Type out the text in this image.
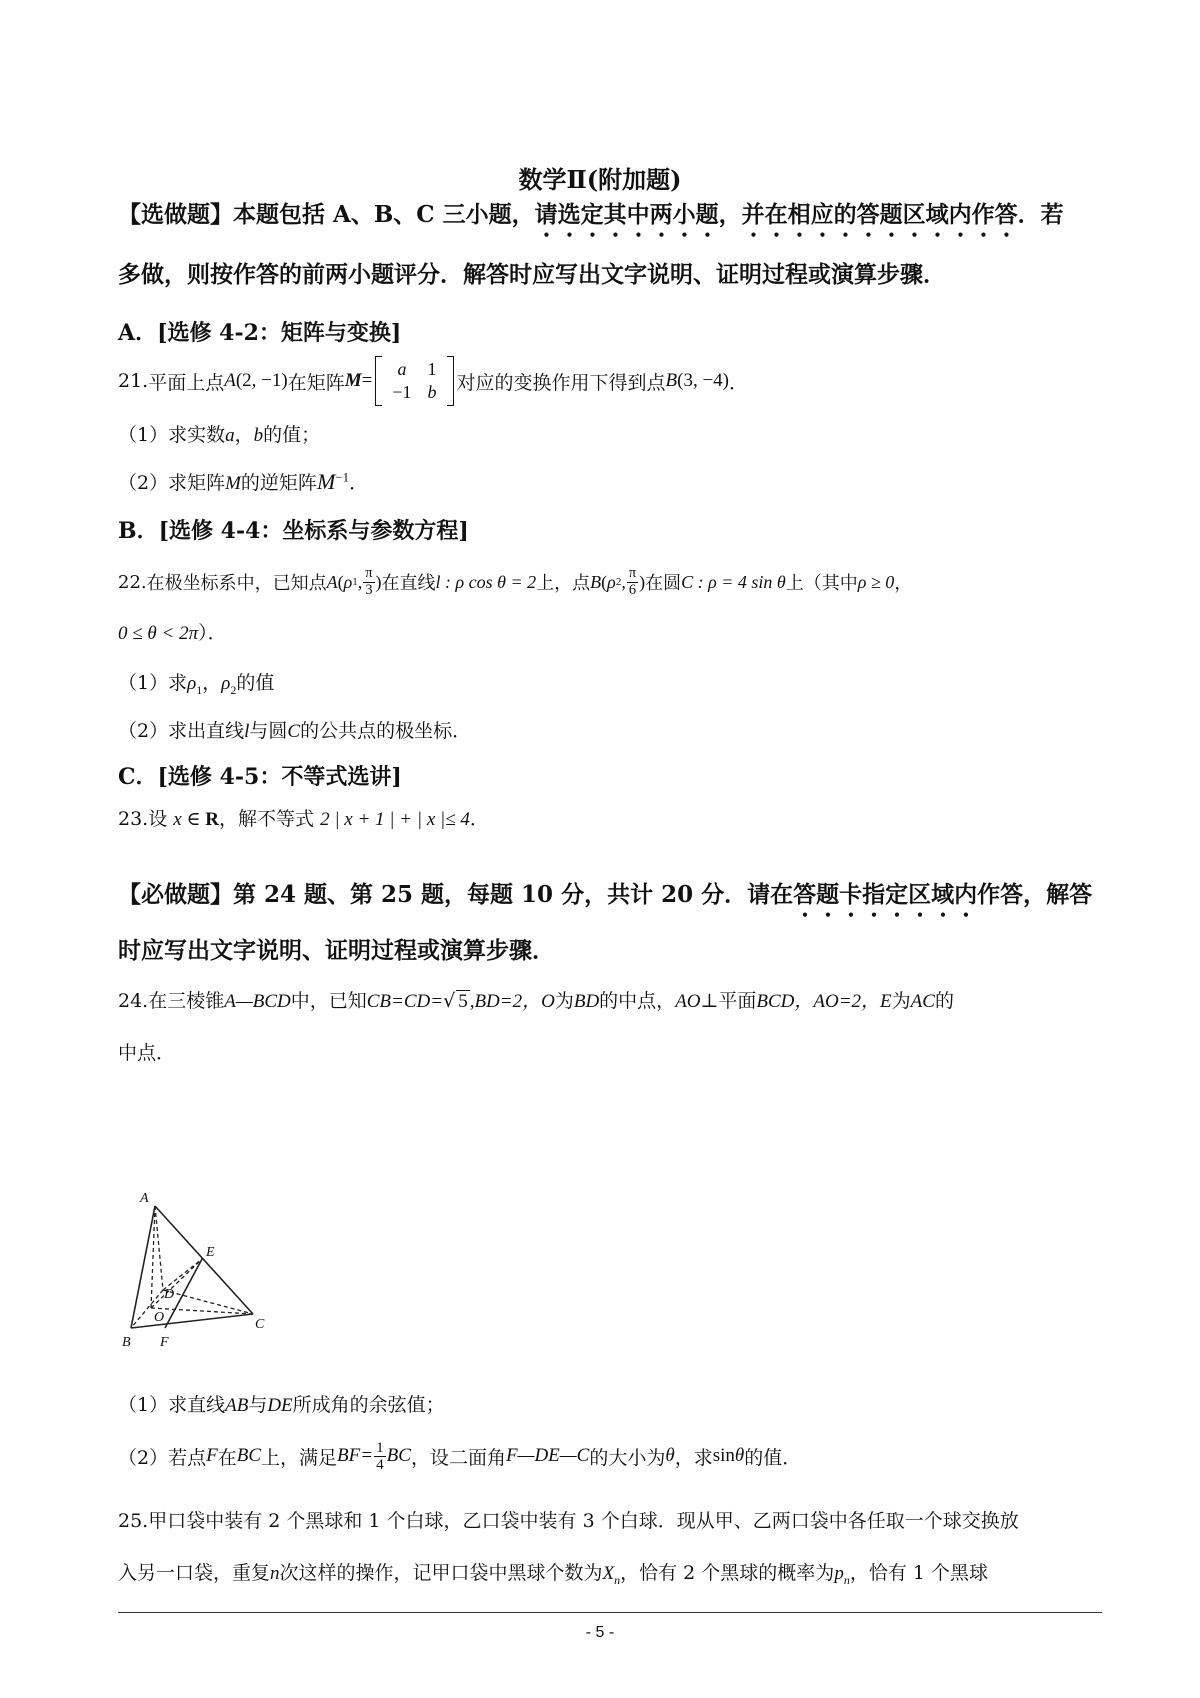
数学Ⅱ(附加题)
【选做题】本题包括 A、B、C 三小题，请选定其中两小题，并在相应的答题区域内作答．若
多做，则按作答的前两小题评分．解答时应写出文字说明、证明过程或演算步骤．
A．[选修 4-2：矩阵与变换]
21. 平面上点 A (2, −1) 在矩阵 M =
a	1
−1	b 对应的变换作用下得到点 B (3, −4) ．
（1）求实数a，b的值；
（2）求矩阵M的逆矩阵$M^{-1}$．
B．[选修 4-4：坐标系与参数方程]
22. 在极坐标系中，已知点 A ( ρ 1 , $\frac{\pi}{3}$ ) 在直线 l : ρ cos θ = 2 上，点 B ( ρ 2 , $\frac{\pi}{6}$ ) 在圆 C : ρ = 4 sin θ 上（其中 ρ ≥ 0 ，
0 ≤ θ < 2π）．
（1）求$\rho_1$，$\rho_2$的值
（2）求出直线l与圆C的公共点的极坐标．
C．[选修 4-5：不等式选讲]
23.设 x ∈ R，解不等式 2 | x + 1 | + | x |≤ 4．
【必做题】第 24 题、第 25 题，每题 10 分，共计 20 分．请在答题卡指定区域内作答，解答
时应写出文字说明、证明过程或演算步骤．
24.在三棱锥A—BCD中，已知CB=CD=√ 5 ,BD=2，O为BD的中点，AO⊥平面BCD，AO=2，E为AC的
中点．
A
B
C
D
E
F
O
（1）求直线AB与DE所成角的余弦值；
（2）若点 F 在 BC 上，满足 $BF= \frac{1}{4}$ BC ，设二面角 F—DE—C 的大小为 θ ，求 sin θ 的值．
25.甲口袋中装有 2 个黑球和 1 个白球，乙口袋中装有 3 个白球．现从甲、乙两口袋中各任取一个球交换放
入另一口袋，重复n次这样的操作，记甲口袋中黑球个数为$X_n$，恰有 2 个黑球的概率为$p_n$，恰有 1 个黑球
- 5 -
